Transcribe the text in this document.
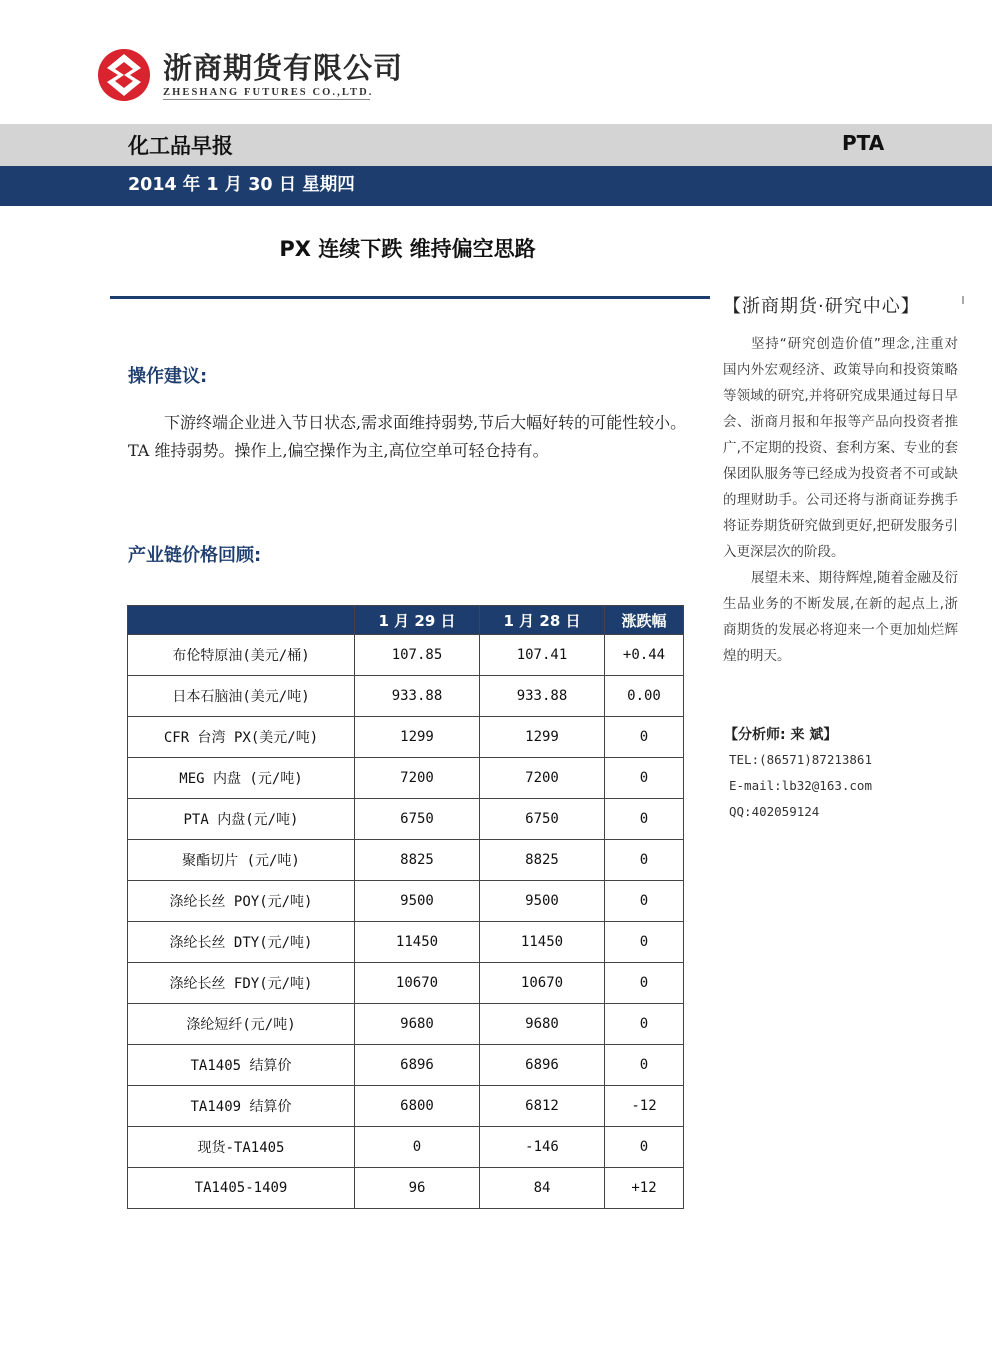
浙商期货有限公司
ZHESHANG FUTURES CO.,LTD.
化工品早报	PTA
2014 年 1 月 30 日 星期四
PX 连续下跌 维持偏空思路
操作建议:
下游终端企业进入节日状态,需求面维持弱势,节后大幅好转的可能性较小。TA 维持弱势。操作上,偏空操作为主,高位空单可轻仓持有。
产业链价格回顾:
	1 月 29 日	1 月 28 日	涨跌幅
布伦特原油(美元/桶)	107.85	107.41	+0.44
日本石脑油(美元/吨)	933.88	933.88	0.00
CFR 台湾 PX(美元/吨)	1299	1299	0
MEG 内盘 (元/吨)	7200	7200	0
PTA 内盘(元/吨)	6750	6750	0
聚酯切片 (元/吨)	8825	8825	0
涤纶长丝 POY(元/吨)	9500	9500	0
涤纶长丝 DTY(元/吨)	11450	11450	0
涤纶长丝 FDY(元/吨)	10670	10670	0
涤纶短纤(元/吨)	9680	9680	0
TA1405 结算价	6896	6896	0
TA1409 结算价	6800	6812	-12
现货-TA1405	0	-146	0
TA1405-1409	96	84	+12
【浙商期货·研究中心】

坚持“研究创造价值”理念,注重对国内外宏观经济、政策导向和投资策略等领域的研究,并将研究成果通过每日早会、浙商月报和年报等产品向投资者推广,不定期的投资、套利方案、专业的套保团队服务等已经成为投资者不可或缺的理财助手。公司还将与浙商证券携手将证券期货研究做到更好,把研发服务引入更深层次的阶段。

展望未来、期待辉煌,随着金融及衍生品业务的不断发展,在新的起点上,浙商期货的发展必将迎来一个更加灿烂辉煌的明天。

【分析师: 来 斌】
TEL:(86571)87213861
E-mail:lb32@163.com
QQ:402059124
